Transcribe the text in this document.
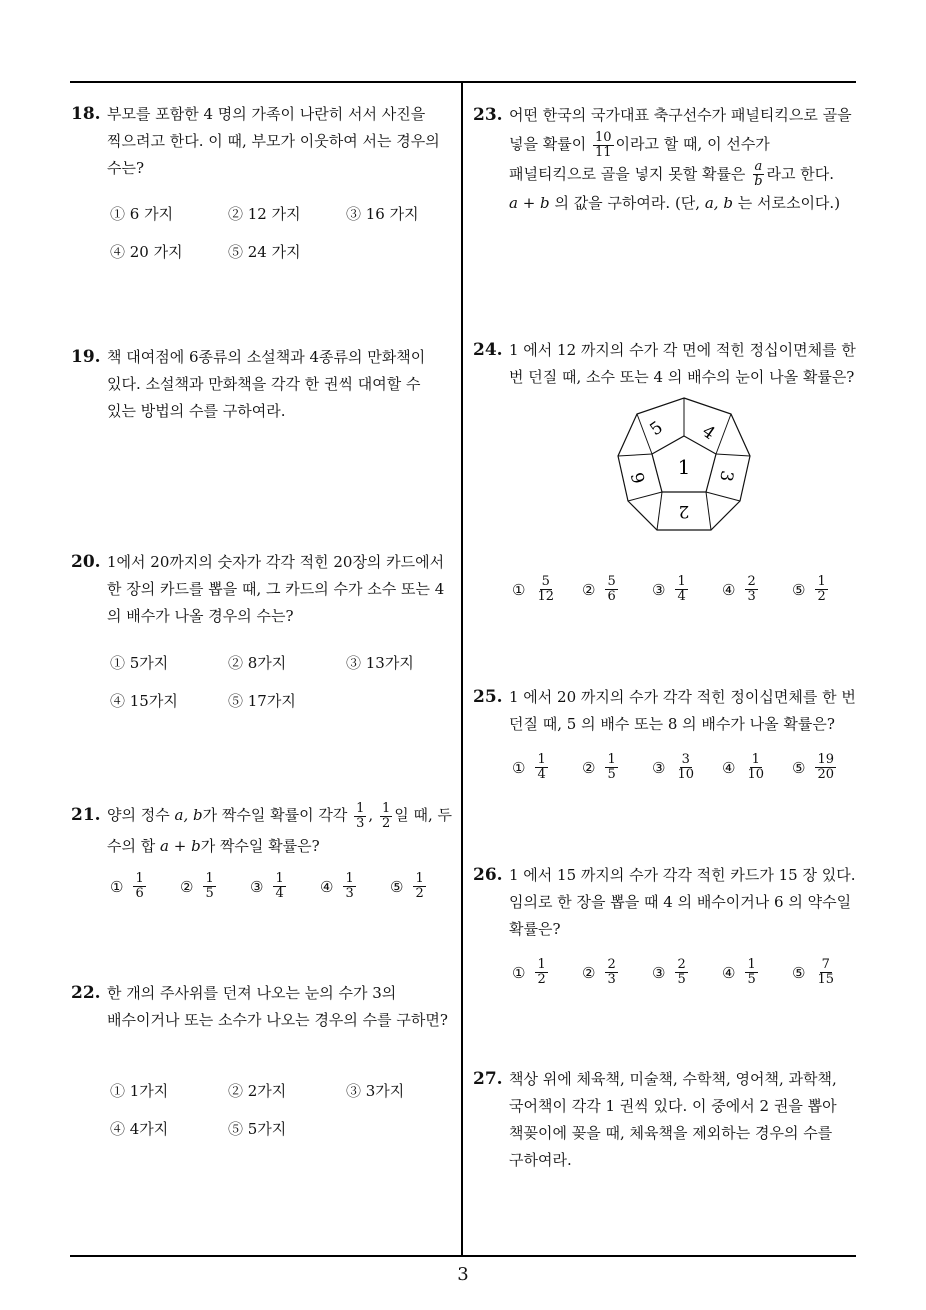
18. 부모를 포함한 4 명의 가족이 나란히 서서 사진을
찍으려고 한다. 이 때, 부모가 이웃하여 서는 경우의
수는?
① 6 가지	② 12 가지	③ 16 가지
④ 20 가지	⑤ 24 가지
19. 책 대여점에 6종류의 소설책과 4종류의 만화책이
있다. 소설책과 만화책을 각각 한 권씩 대여할 수
있는 방법의 수를 구하여라.
20. 1에서 20까지의 숫자가 각각 적힌 20장의 카드에서
한 장의 카드를 뽑을 때, 그 카드의 수가 소수 또는 4
의 배수가 나올 경우의 수는?
① 5가지	② 8가지	③ 13가지
④ 15가지	⑤ 17가지
21. 양의 정수 a, b가 짝수일 확률이 각각 $\frac{1}{3}$ , $\frac{1}{2}$ 일 때, 두
수의 합 a + b가 짝수일 확률은?
① $\frac{1}{6}$ ② $\frac{1}{5}$ ③ $\frac{1}{4}$ ④ $\frac{1}{3}$ ⑤ $\frac{1}{2}$
22. 한 개의 주사위를 던져 나오는 눈의 수가 3의
배수이거나 또는 소수가 나오는 경우의 수를 구하면?
① 1가지	② 2가지	③ 3가지
④ 4가지	⑤ 5가지
23. 어떤 한국의 국가대표 축구선수가 패널티킥으로 골을
넣을 확률이 $\frac{10}{11}$ 이라고 할 때, 이 선수가
패널티킥으로 골을 넣지 못할 확률은 $\frac{a}{b}$ 라고 한다.
a + b 의 값을 구하여라. (단, a, b 는 서로소이다.)
24. 1 에서 12 까지의 수가 각 면에 적힌 정십이면체를 한
번 던질 때, 소수 또는 4 의 배수의 눈이 나올 확률은?
1
2
3
4
5
6
① $\frac{5}{12}$ ② $\frac{5}{6}$ ③ $\frac{1}{4}$ ④ $\frac{2}{3}$ ⑤ $\frac{1}{2}$
25. 1 에서 20 까지의 수가 각각 적힌 정이십면체를 한 번
던질 때, 5 의 배수 또는 8 의 배수가 나올 확률은?
① $\frac{1}{4}$ ② $\frac{1}{5}$ ③ $\frac{3}{10}$ ④ $\frac{1}{10}$ ⑤ $\frac{19}{20}$
26. 1 에서 15 까지의 수가 각각 적힌 카드가 15 장 있다.
임의로 한 장을 뽑을 때 4 의 배수이거나 6 의 약수일
확률은?
① $\frac{1}{2}$ ② $\frac{2}{3}$ ③ $\frac{2}{5}$ ④ $\frac{1}{5}$ ⑤ $\frac{7}{15}$
27. 책상 위에 체육책, 미술책, 수학책, 영어책, 과학책,
국어책이 각각 1 권씩 있다. 이 중에서 2 권을 뽑아
책꽂이에 꽂을 때, 체육책을 제외하는 경우의 수를
구하여라.
3
